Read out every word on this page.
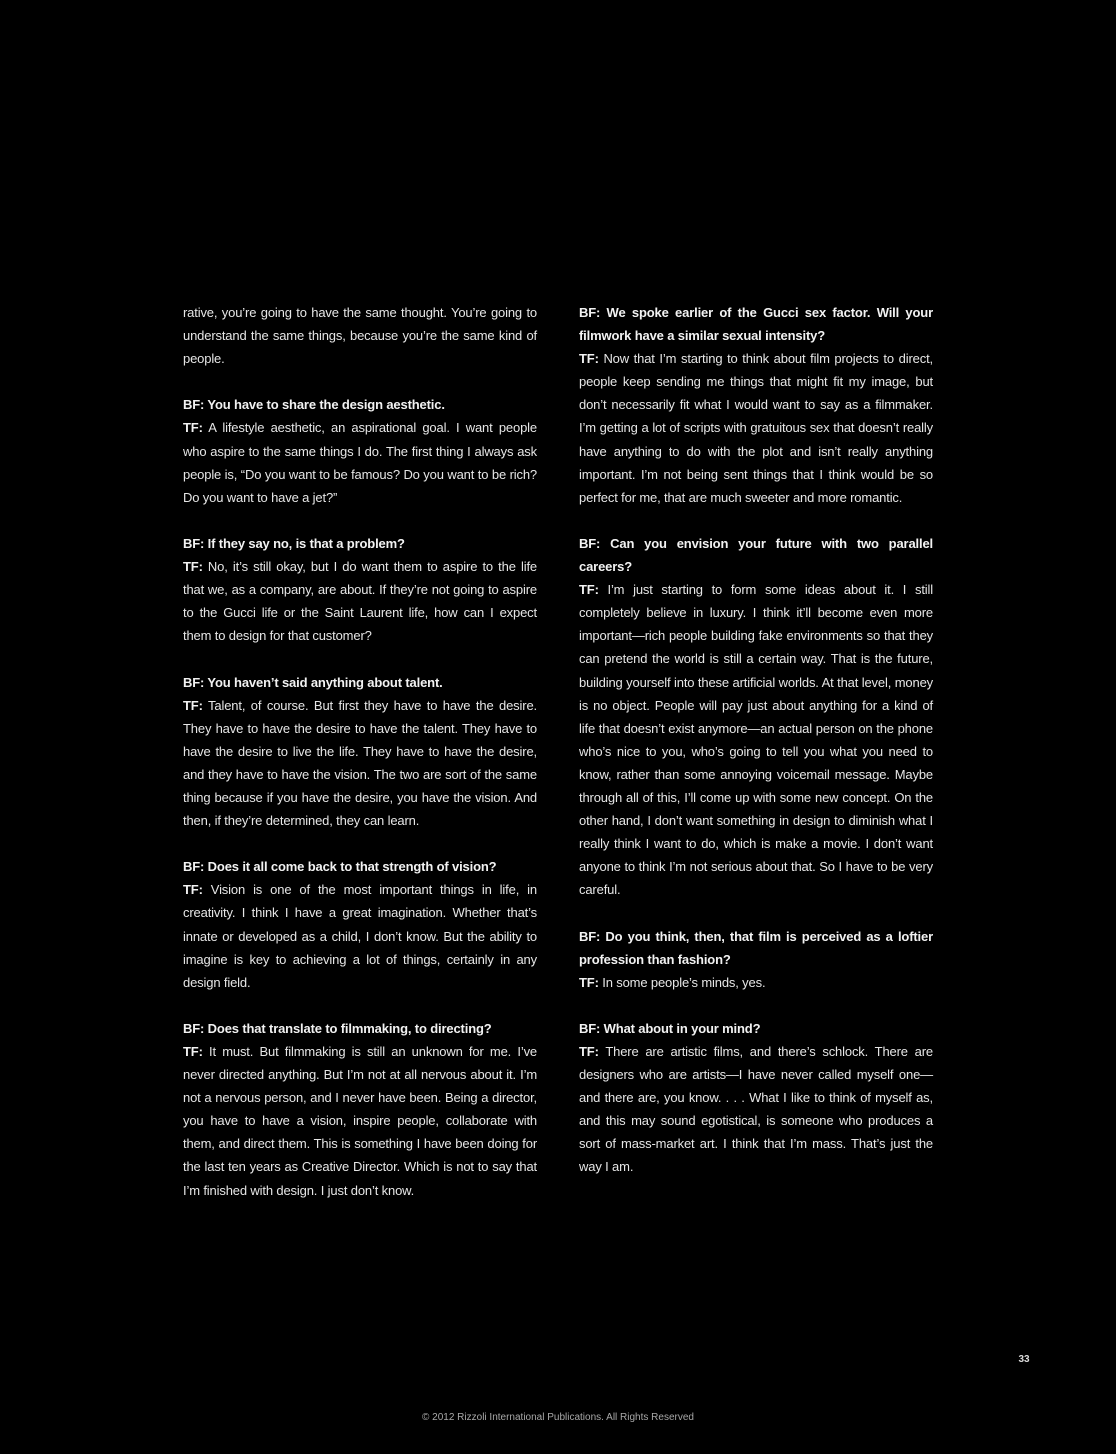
rative, you’re going to have the same thought. You’re going to understand the same things, because you’re the same kind of people.

BF: You have to share the design aesthetic.

TF: A lifestyle aesthetic, an aspirational goal. I want people who aspire to the same things I do. The first thing I always ask people is, “Do you want to be famous? Do you want to be rich? Do you want to have a jet?”

BF: If they say no, is that a problem?

TF: No, it’s still okay, but I do want them to aspire to the life that we, as a company, are about. If they’re not going to aspire to the Gucci life or the Saint Laurent life, how can I expect them to design for that customer?

BF: You haven’t said anything about talent.

TF: Talent, of course. But first they have to have the desire. They have to have the desire to have the talent. They have to have the desire to live the life. They have to have the desire, and they have to have the vision. The two are sort of the same thing because if you have the desire, you have the vision. And then, if they’re determined, they can learn.

BF: Does it all come back to that strength of vision?

TF: Vision is one of the most important things in life, in creativity. I think I have a great imagination. Whether that’s innate or developed as a child, I don’t know. But the ability to imagine is key to achieving a lot of things, certainly in any design field.

BF: Does that translate to filmmaking, to directing?

TF: It must. But filmmaking is still an unknown for me. I’ve never directed anything. But I’m not at all nervous about it. I’m not a nervous person, and I never have been. Being a director, you have to have a vision, inspire people, collaborate with them, and direct them. This is something I have been doing for the last ten years as Creative Director. Which is not to say that I’m finished with design. I just don’t know.

BF: We spoke earlier of the Gucci sex factor. Will your filmwork have a similar sexual intensity?

TF: Now that I’m starting to think about film projects to direct, people keep sending me things that might fit my image, but don’t necessarily fit what I would want to say as a filmmaker. I’m getting a lot of scripts with gratuitous sex that doesn’t really have anything to do with the plot and isn’t really anything important. I’m not being sent things that I think would be so perfect for me, that are much sweeter and more romantic.

BF: Can you envision your future with two parallel careers?

TF: I’m just starting to form some ideas about it. I still completely believe in luxury. I think it’ll become even more important—rich people building fake environments so that they can pretend the world is still a certain way. That is the future, building yourself into these artificial worlds. At that level, money is no object. People will pay just about anything for a kind of life that doesn’t exist anymore—an actual person on the phone who’s nice to you, who’s going to tell you what you need to know, rather than some annoying voicemail message. Maybe through all of this, I’ll come up with some new concept. On the other hand, I don’t want something in design to diminish what I really think I want to do, which is make a movie. I don’t want anyone to think I’m not serious about that. So I have to be very careful.

BF: Do you think, then, that film is perceived as a loftier profession than fashion?

TF: In some people’s minds, yes.

BF: What about in your mind?

TF: There are artistic films, and there’s schlock. There are designers who are artists—I have never called myself one—and there are, you know. . . . What I like to think of myself as, and this may sound egotistical, is someone who produces a sort of mass-market art. I think that I’m mass. That’s just the way I am.

33
© 2012 Rizzoli International Publications. All Rights Reserved
